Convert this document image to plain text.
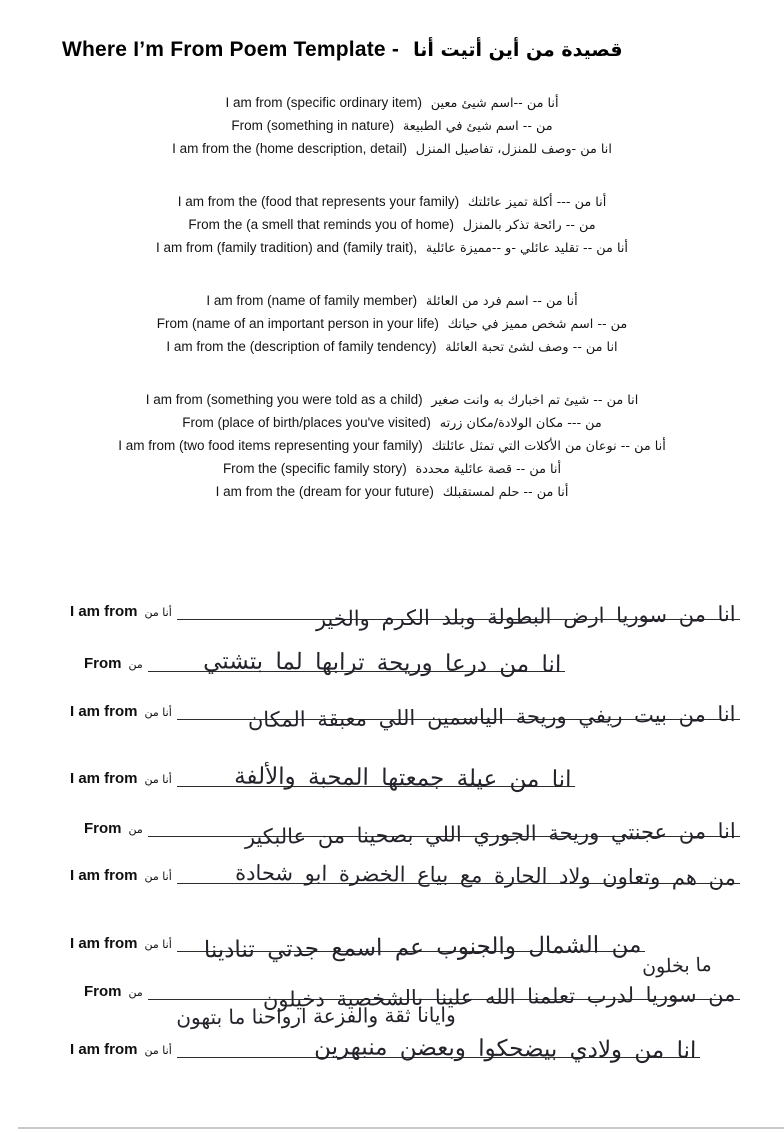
Where I’m From Poem Template - قصيدة من أين أتيت أنا
I am from (specific ordinary item) أنا من --اسم شيئ معين
From (something in nature) من -- اسم شيئ في الطبيعة
I am from the (home description, detail) انا من -وصف للمنزل، تفاصيل المنزل
I am from the (food that represents your family) أنا من --- أكلة تميز عائلتك
From the (a smell that reminds you of home) من -- رائحة تذكر بالمنزل
I am from (family tradition) and (family trait), أنا من -- تقليد عائلي -و --مميزة عائلية
I am from (name of family member) أنا من -- اسم فرد من العائلة
From (name of an important person in your life) من -- اسم شخص مميز في حياتك
I am from the (description of family tendency) انا من -- وصف لشئ تحبة العائلة
I am from (something you were told as a child) انا من -- شيئ تم اخبارك به وانت صغير
From (place of birth/places you've visited) من --- مكان الولادة/مكان زرته
I am from (two food items representing your family) أنا من -- نوعان من الأكلات التي تمثل عائلتك
From the (specific family story) أنا من -- قصة عائلية محددة
I am from the (dream for your future) أنا من -- حلم لمستقبلك
I am from أنا من	انا من سوريا ارض البطولة وبلد الكرم والخير
From من	انا من درعا وريحة ترابها لما بتشتي
I am from أنا من	انا من بيت ريفي وريحة الياسمين اللي معبقة المكان
I am from أنا من	انا من عيلة جمعتها المحبة والألفة
From من	انا من عجنتي وريحة الجوري اللي بصحينا من عالبكير
I am from أنا من	من هم وتعاون ولاد الحارة مع بياع الخضرة ابو شحادة
I am from أنا من من الشمال والجنوب عم اسمع جدتي تنادينا
From من	من سوريا لدرب تعلمنا الله علينا بالشخصية دخيلون
ما بخلون
وايانا ثقة والفزعة ارواحنا ما بتهون
I am from أنا من	انا من ولادي بيضحكوا وبعضن منبهرين
